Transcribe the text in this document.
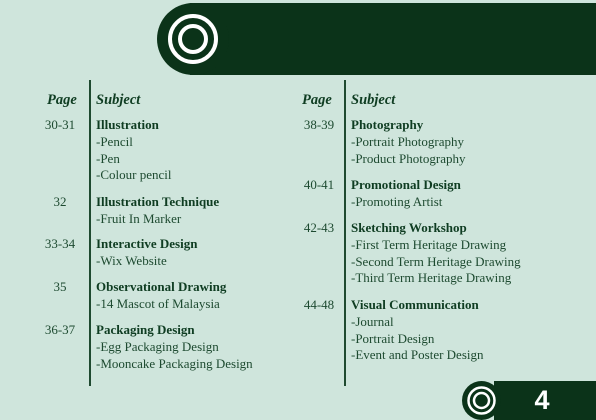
Page Subject	Page Subject
30-31	Illustration
-Pencil
-Pen
-Colour pencil
32	Illustration Technique
-Fruit In Marker
33-34	Interactive Design
-Wix Website
35	Observational Drawing
-14 Mascot of Malaysia
36-37	Packaging Design
-Egg Packaging Design
-Mooncake Packaging Design
38-39	Photography
-Portrait Photography
-Product Photography
40-41	Promotional Design
-Promoting Artist
42-43	Sketching Workshop
-First Term Heritage Drawing
-Second Term Heritage Drawing
-Third Term Heritage Drawing
44-48	Visual Communication
-Journal
-Portrait Design
-Event and Poster Design
4
